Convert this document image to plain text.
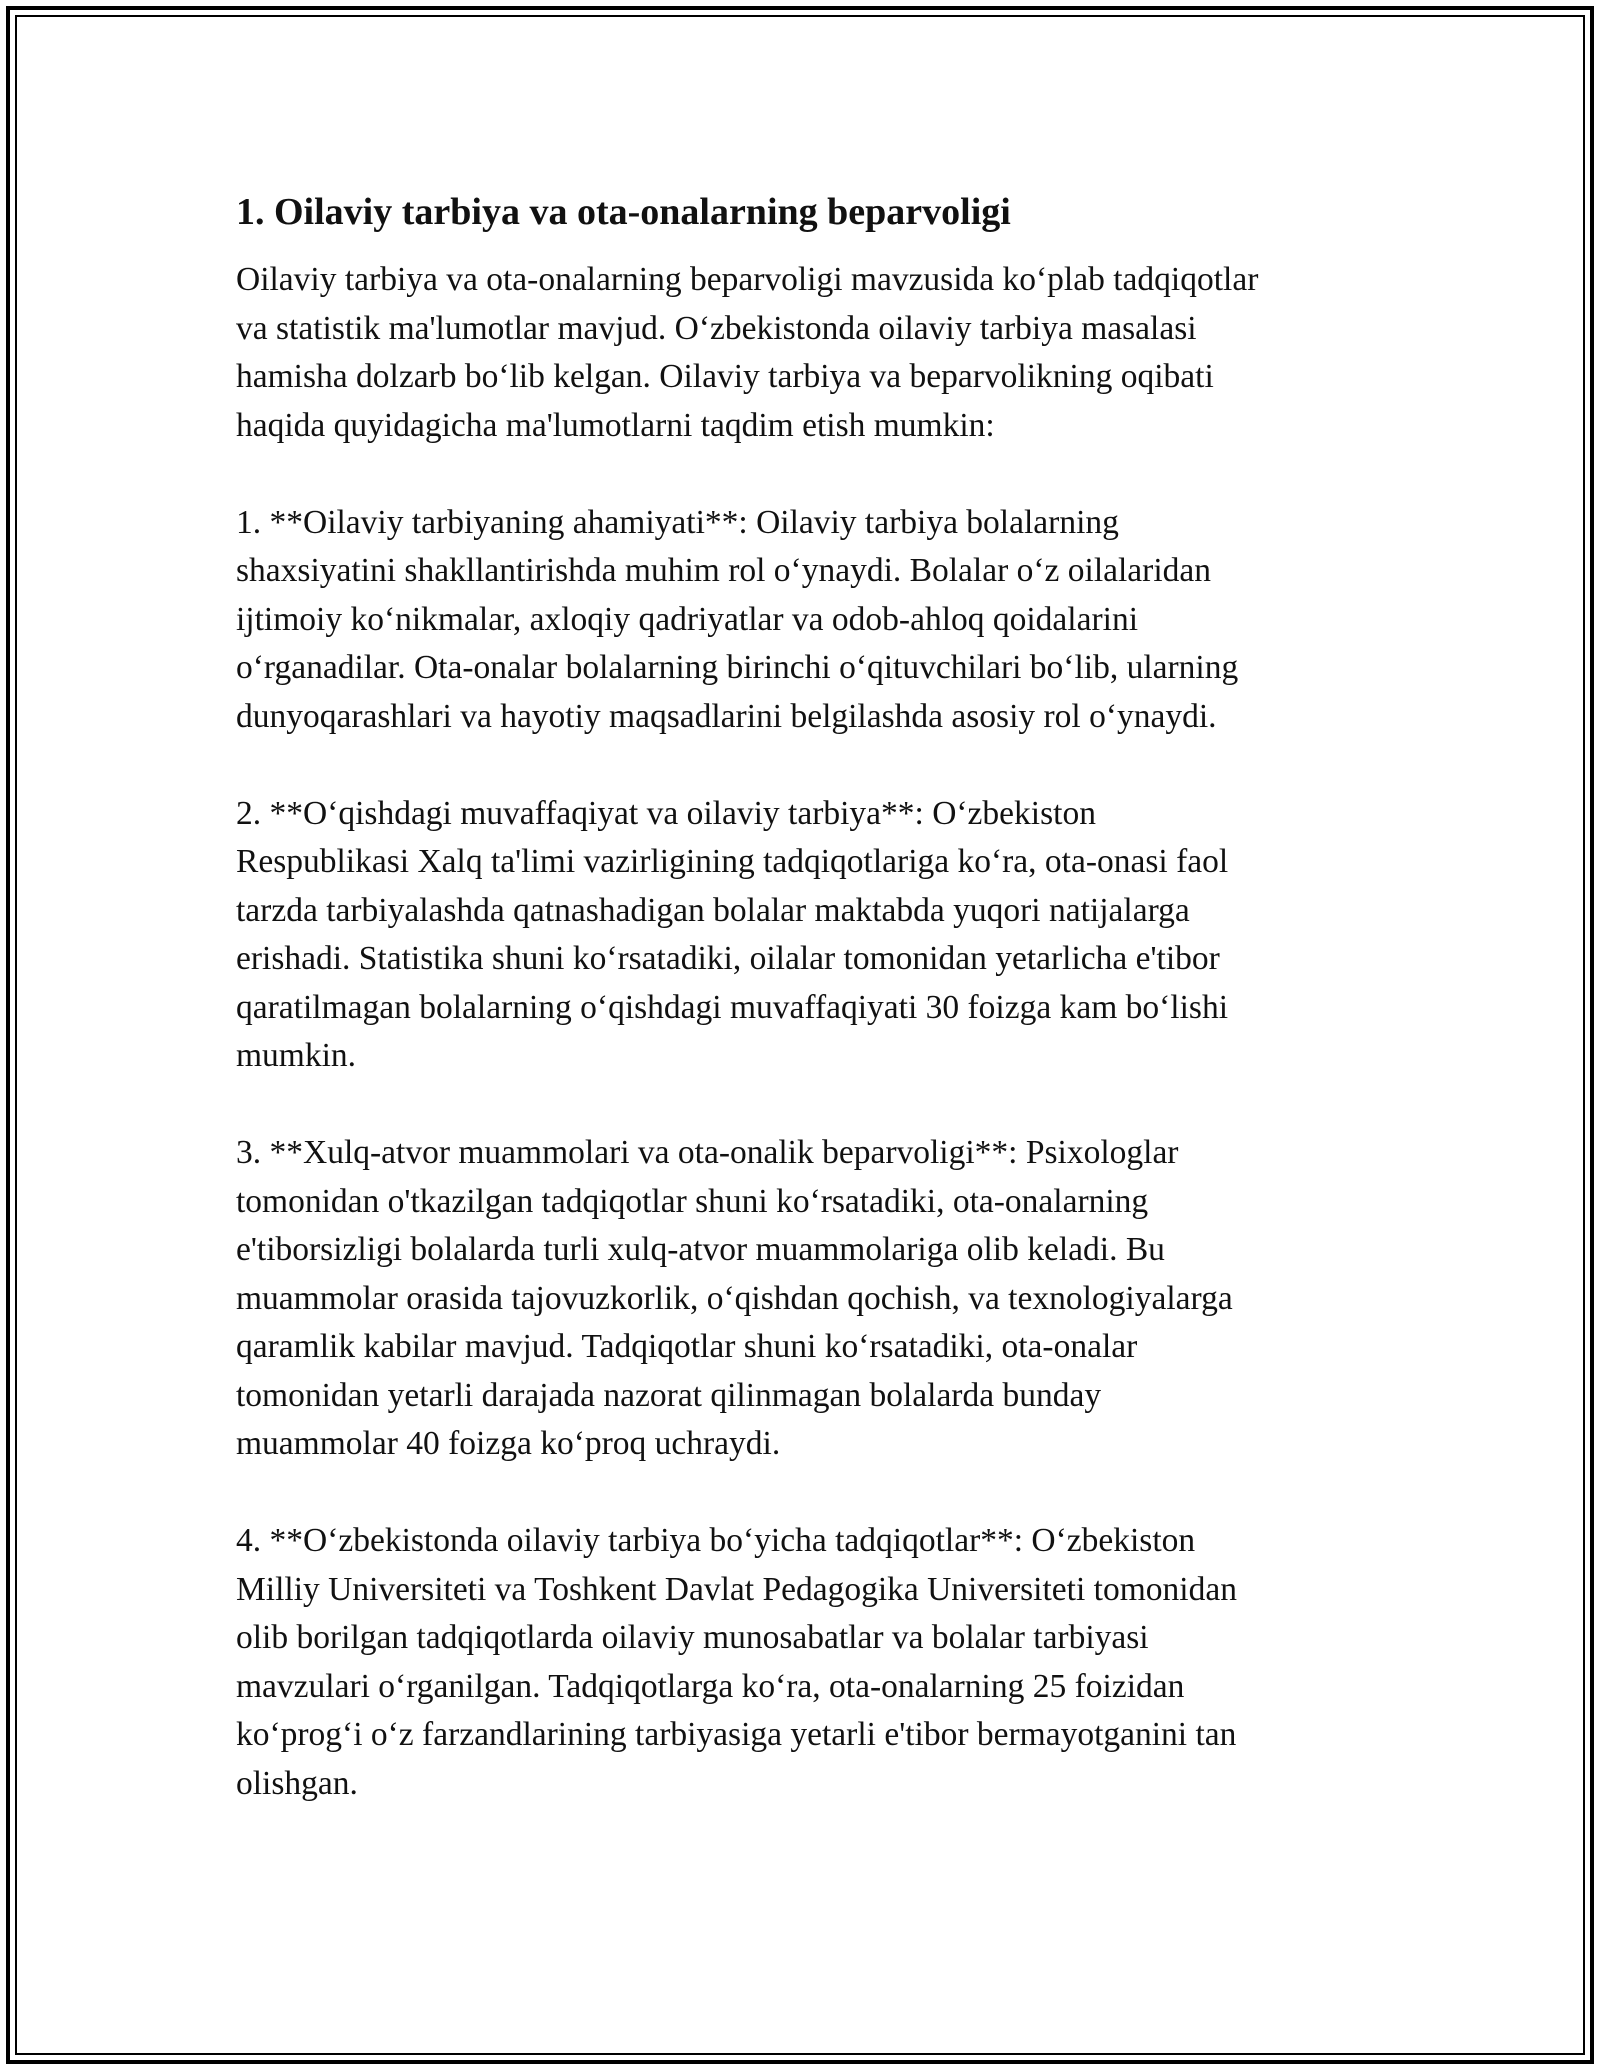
1. Oilaviy tarbiya va ota-onalarning beparvoligi
Oilaviy tarbiya va ota-onalarning beparvoligi mavzusida ko‘plab tadqiqotlar
va statistik ma'lumotlar mavjud. O‘zbekistonda oilaviy tarbiya masalasi
hamisha dolzarb bo‘lib kelgan. Oilaviy tarbiya va beparvolikning oqibati
haqida quyidagicha ma'lumotlarni taqdim etish mumkin:
1. **Oilaviy tarbiyaning ahamiyati**: Oilaviy tarbiya bolalarning
shaxsiyatini shakllantirishda muhim rol o‘ynaydi. Bolalar o‘z oilalaridan
ijtimoiy ko‘nikmalar, axloqiy qadriyatlar va odob-ahloq qoidalarini
o‘rganadilar. Ota-onalar bolalarning birinchi o‘qituvchilari bo‘lib, ularning
dunyoqarashlari va hayotiy maqsadlarini belgilashda asosiy rol o‘ynaydi.
2. **O‘qishdagi muvaffaqiyat va oilaviy tarbiya**: O‘zbekiston
Respublikasi Xalq ta'limi vazirligining tadqiqotlariga ko‘ra, ota-onasi faol
tarzda tarbiyalashda qatnashadigan bolalar maktabda yuqori natijalarga
erishadi. Statistika shuni ko‘rsatadiki, oilalar tomonidan yetarlicha e'tibor
qaratilmagan bolalarning o‘qishdagi muvaffaqiyati 30 foizga kam bo‘lishi
mumkin.
3. **Xulq-atvor muammolari va ota-onalik beparvoligi**: Psixologlar
tomonidan o'tkazilgan tadqiqotlar shuni ko‘rsatadiki, ota-onalarning
e'tiborsizligi bolalarda turli xulq-atvor muammolariga olib keladi. Bu
muammolar orasida tajovuzkorlik, o‘qishdan qochish, va texnologiyalarga
qaramlik kabilar mavjud. Tadqiqotlar shuni ko‘rsatadiki, ota-onalar
tomonidan yetarli darajada nazorat qilinmagan bolalarda bunday
muammolar 40 foizga ko‘proq uchraydi.
4. **O‘zbekistonda oilaviy tarbiya bo‘yicha tadqiqotlar**: O‘zbekiston
Milliy Universiteti va Toshkent Davlat Pedagogika Universiteti tomonidan
olib borilgan tadqiqotlarda oilaviy munosabatlar va bolalar tarbiyasi
mavzulari o‘rganilgan. Tadqiqotlarga ko‘ra, ota-onalarning 25 foizidan
ko‘prog‘i o‘z farzandlarining tarbiyasiga yetarli e'tibor bermayotganini tan
olishgan.
